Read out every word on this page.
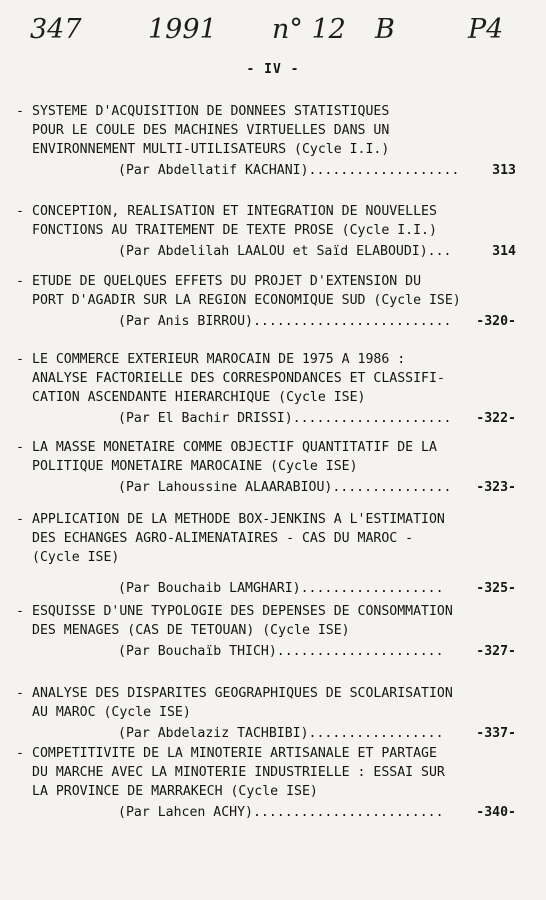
347 1991 n° 12 B	P4
- IV -
- SYSTEME D'ACQUISITION DE DONNEES STATISTIQUES
POUR LE COULE DES MACHINES VIRTUELLES DANS UN
ENVIRONNEMENT MULTI-UTILISATEURS (Cycle I.I.)
(Par Abdellatif KACHANI)................... 313
- CONCEPTION, REALISATION ET INTEGRATION DE NOUVELLES
FONCTIONS AU TRAITEMENT DE TEXTE PROSE (Cycle I.I.)
(Par Abdelilah LAALOU et Saïd ELABOUDI)...	314
- ETUDE DE QUELQUES EFFETS DU PROJET D'EXTENSION DU
PORT D'AGADIR SUR LA REGION ECONOMIQUE SUD (Cycle ISE)
(Par Anis BIRROU)......................... -320-
- LE COMMERCE EXTERIEUR MAROCAIN DE 1975 A 1986 :
ANALYSE FACTORIELLE DES CORRESPONDANCES ET CLASSIFI-
CATION ASCENDANTE HIERARCHIQUE (Cycle ISE)
(Par El Bachir DRISSI).................... -322-
- LA MASSE MONETAIRE COMME OBJECTIF QUANTITATIF DE LA
POLITIQUE MONETAIRE MAROCAINE (Cycle ISE)
(Par Lahoussine ALAARABIOU)............... -323-
- APPLICATION DE LA METHODE BOX-JENKINS A L'ESTIMATION
DES ECHANGES AGRO-ALIMENATAIRES - CAS DU MAROC -
(Cycle ISE)
(Par Bouchaib LAMGHARI).................. -325-
- ESQUISSE D'UNE TYPOLOGIE DES DEPENSES DE CONSOMMATION
DES MENAGES (CAS DE TETOUAN) (Cycle ISE)
(Par Bouchaïb THICH)..................... -327-
- ANALYSE DES DISPARITES GEOGRAPHIQUES DE SCOLARISATION
AU MAROC (Cycle ISE)
(Par Abdelaziz TACHBIBI)................. -337-
- COMPETITIVITE DE LA MINOTERIE ARTISANALE ET PARTAGE
DU MARCHE AVEC LA MINOTERIE INDUSTRIELLE : ESSAI SUR
LA PROVINCE DE MARRAKECH (Cycle ISE)
(Par Lahcen ACHY)........................ -340-
